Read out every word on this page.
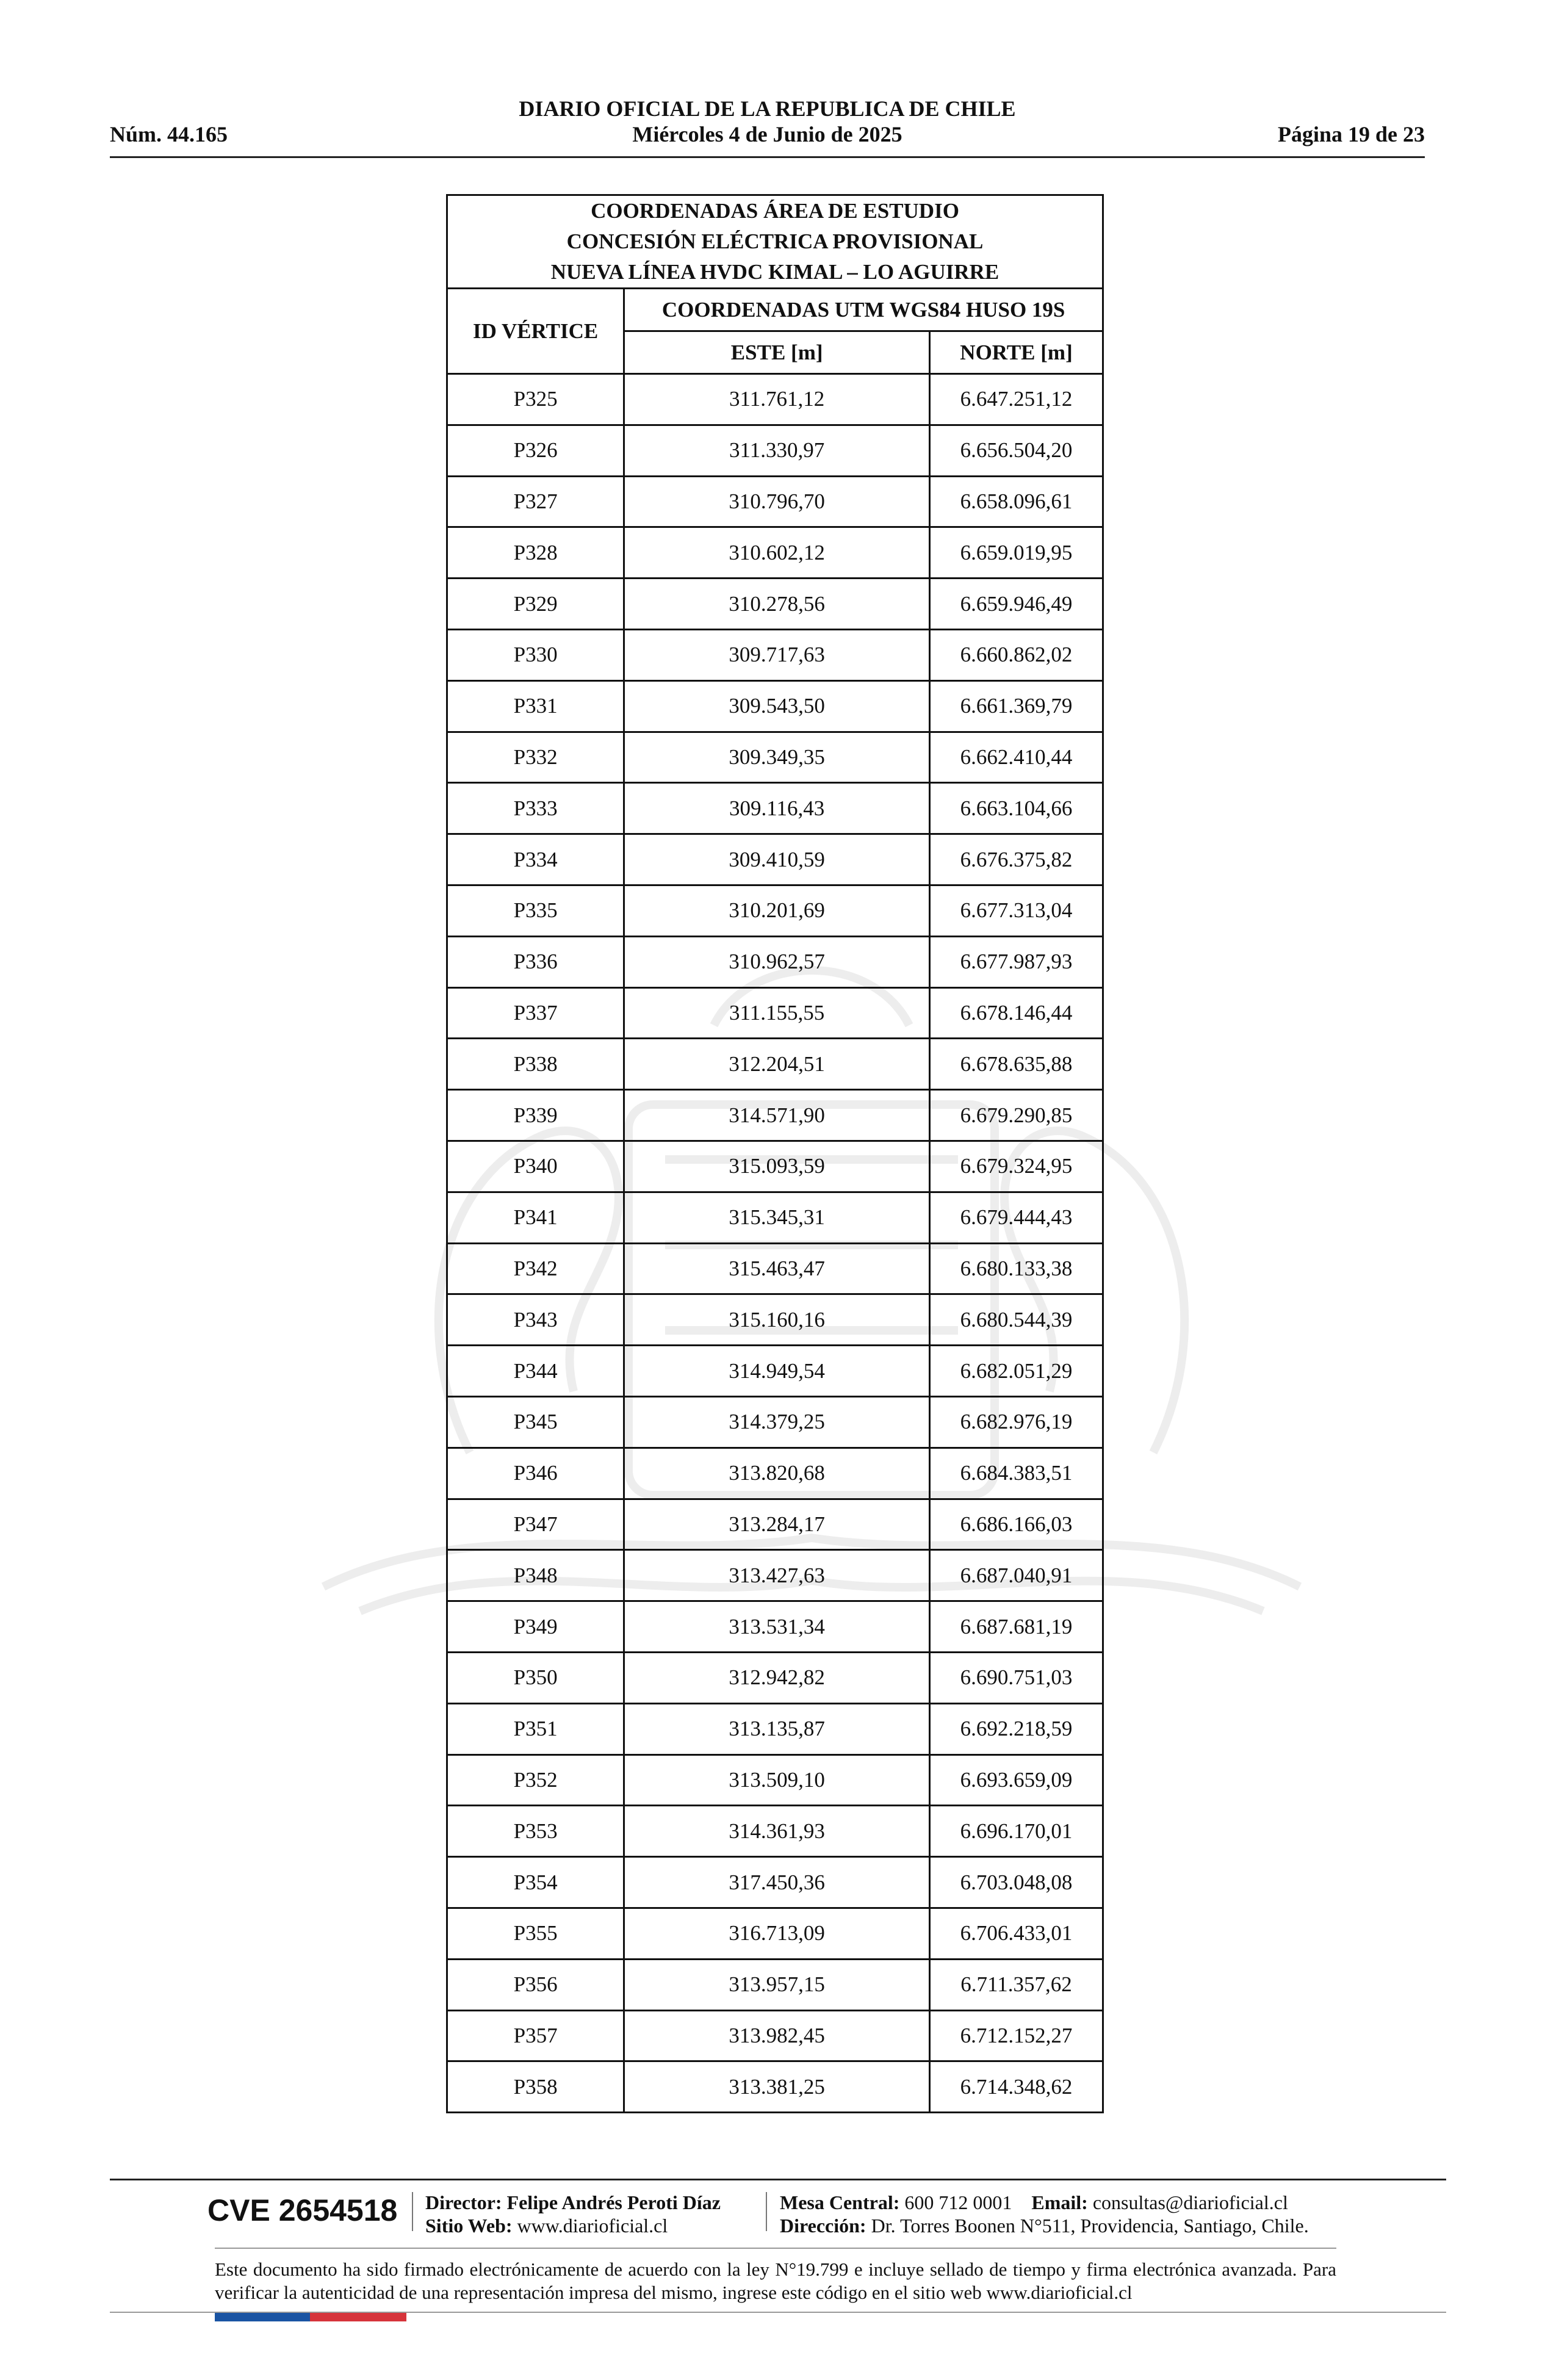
DIARIO OFICIAL DE LA REPUBLICA DE CHILE
Núm. 44.165	Miércoles 4 de Junio de 2025	Página 19 de 23
COORDENADAS ÁREA DE ESTUDIO
CONCESIÓN ELÉCTRICA PROVISIONAL
NUEVA LÍNEA HVDC KIMAL – LO AGUIRRE		

ID VÉRTICE	COORDENADAS UTM WGS84 HUSO 19S	
	ESTE [m]	NORTE [m]
P325	311.761,12	6.647.251,12
P326	311.330,97	6.656.504,20
P327	310.796,70	6.658.096,61
P328	310.602,12	6.659.019,95
P329	310.278,56	6.659.946,49
P330	309.717,63	6.660.862,02
P331	309.543,50	6.661.369,79
P332	309.349,35	6.662.410,44
P333	309.116,43	6.663.104,66
P334	309.410,59	6.676.375,82
P335	310.201,69	6.677.313,04
P336	310.962,57	6.677.987,93
P337	311.155,55	6.678.146,44
P338	312.204,51	6.678.635,88
P339	314.571,90	6.679.290,85
P340	315.093,59	6.679.324,95
P341	315.345,31	6.679.444,43
P342	315.463,47	6.680.133,38
P343	315.160,16	6.680.544,39
P344	314.949,54	6.682.051,29
P345	314.379,25	6.682.976,19
P346	313.820,68	6.684.383,51
P347	313.284,17	6.686.166,03
P348	313.427,63	6.687.040,91
P349	313.531,34	6.687.681,19
P350	312.942,82	6.690.751,03
P351	313.135,87	6.692.218,59
P352	313.509,10	6.693.659,09
P353	314.361,93	6.696.170,01
P354	317.450,36	6.703.048,08
P355	316.713,09	6.706.433,01
P356	313.957,15	6.711.357,62
P357	313.982,45	6.712.152,27
P358	313.381,25	6.714.348,62
CVE 2654518 Director: Felipe Andrés Peroti Díaz
Sitio Web: www.diarioficial.cl
Mesa Central: 600 712 0001 Email: consultas@diarioficial.cl
Dirección: Dr. Torres Boonen N°511, Providencia, Santiago, Chile.
Este documento ha sido firmado electrónicamente de acuerdo con la ley N°19.799 e incluye sellado de tiempo y firma electrónica avanzada. Para verificar la autenticidad de una representación impresa del mismo, ingrese este código en el sitio web www.diarioficial.cl
